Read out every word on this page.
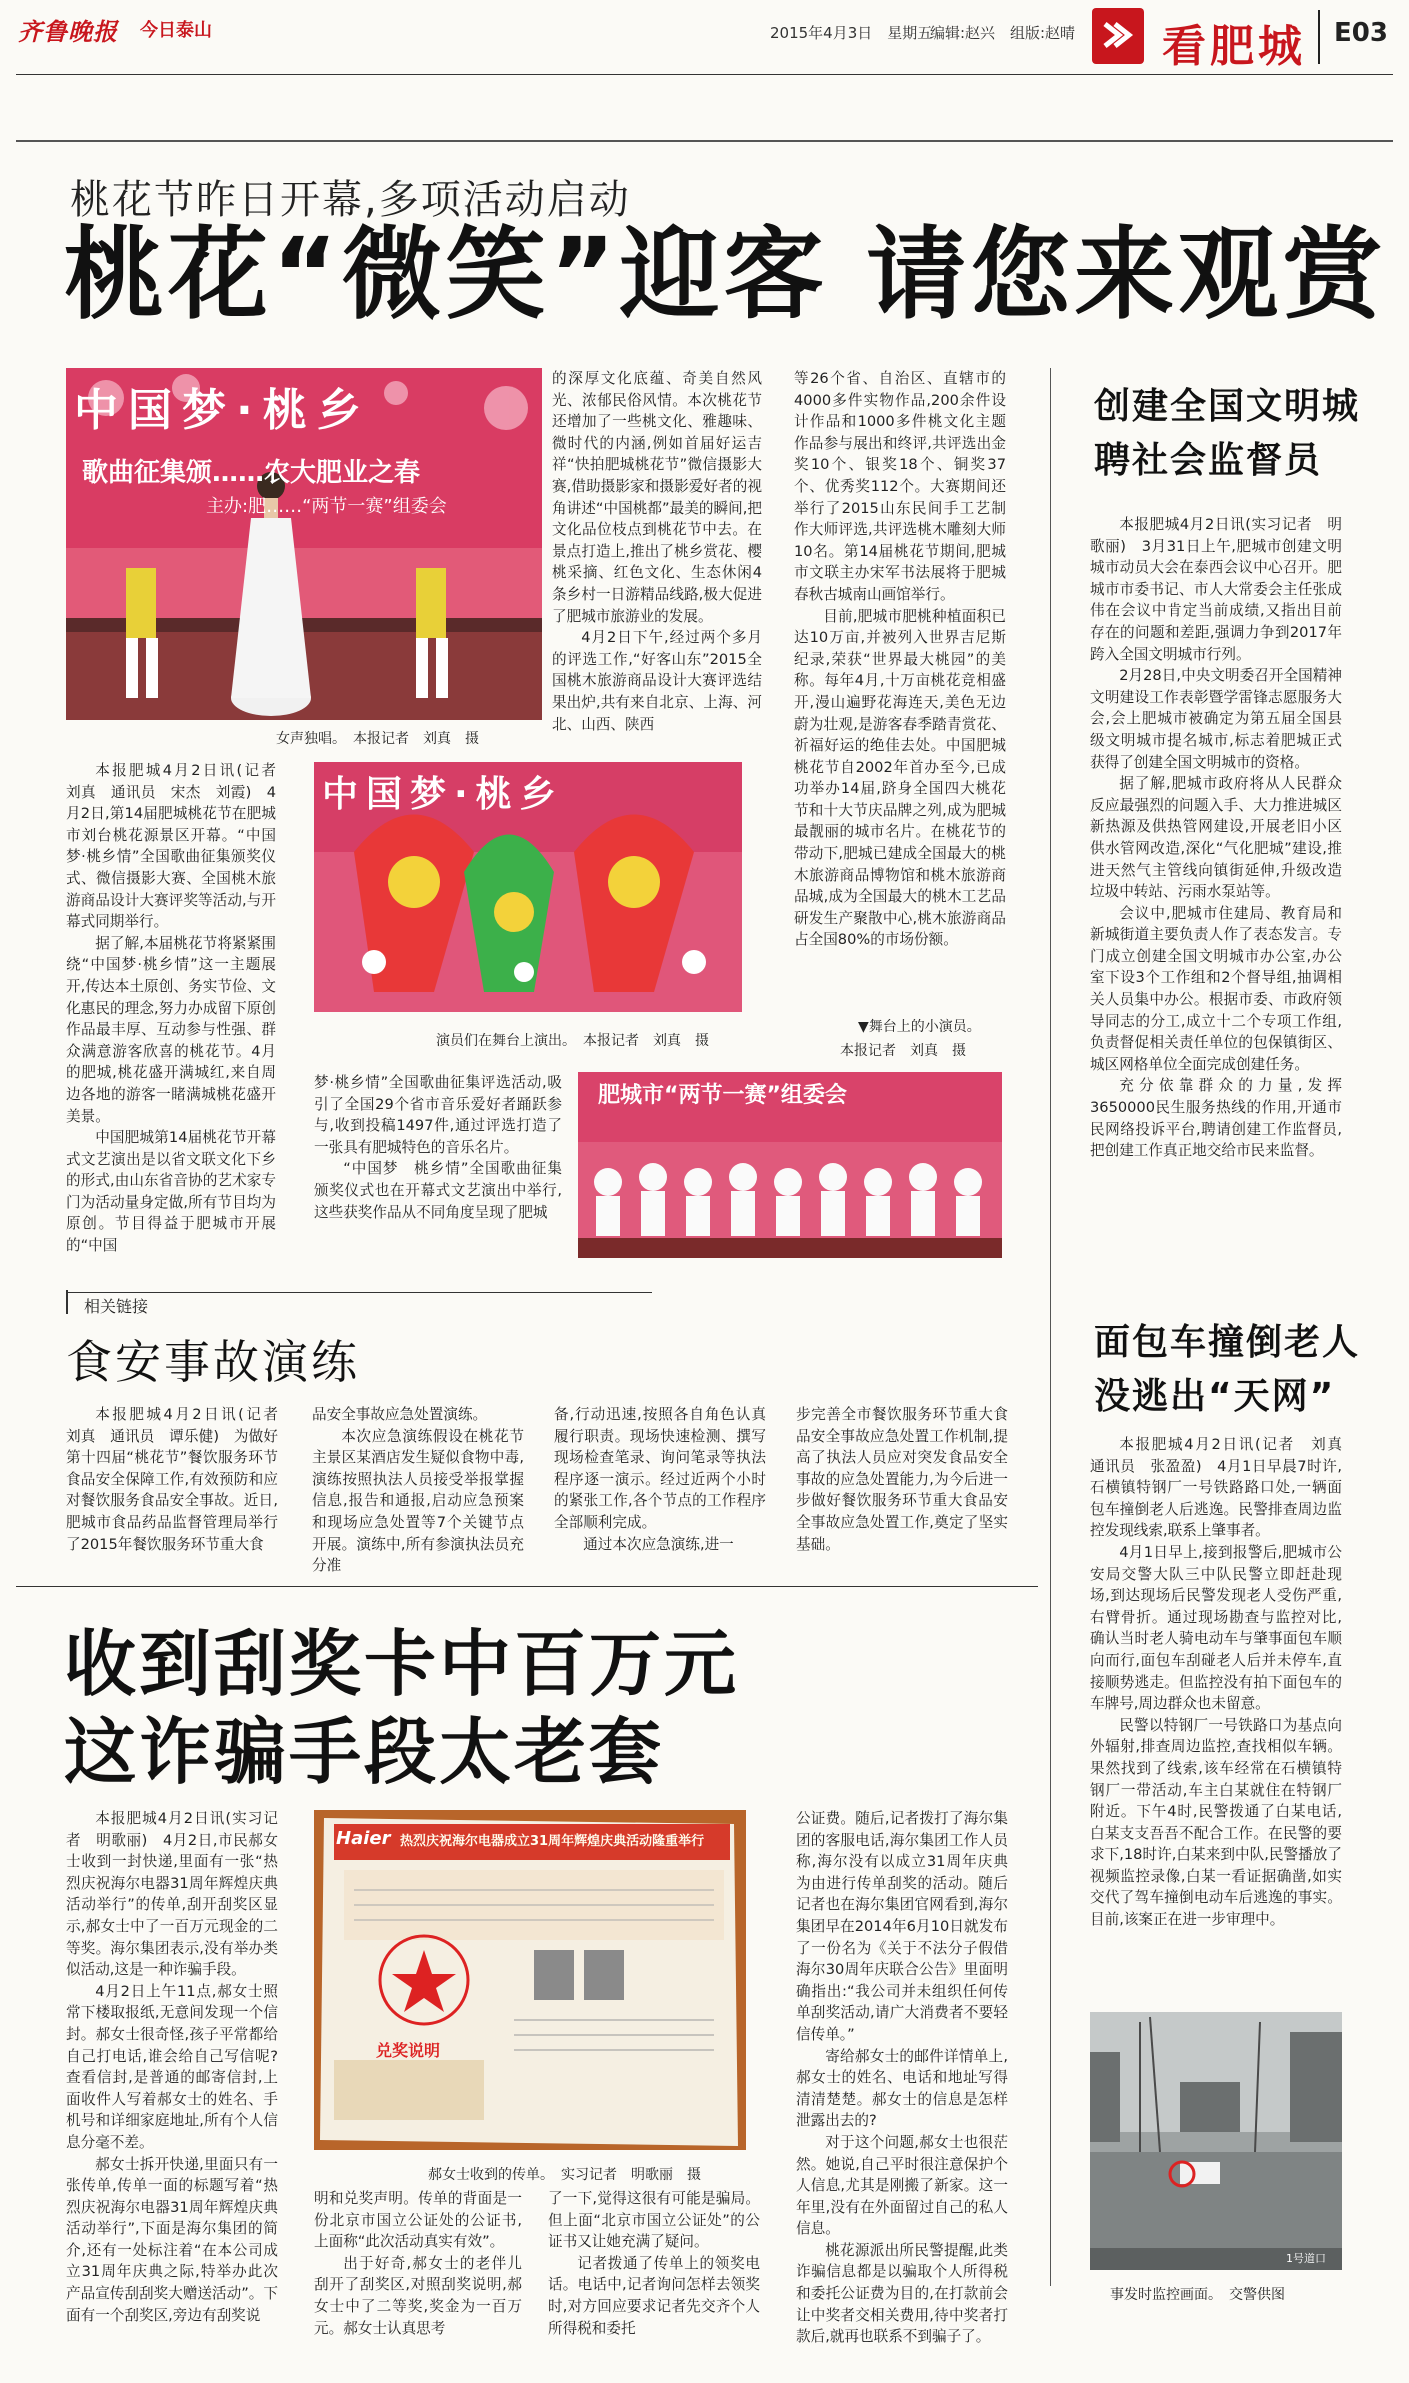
齐鲁晚报 今日泰山	2015年4月3日　星期五
编辑:赵兴 组版:赵晴 看肥城 E03
桃花节昨日开幕,多项活动启动
桃花“微笑”迎客 请您来观赏
中国梦·桃乡
歌曲征集颁……农大肥业之春
主办:肥……“两节一赛”组委会
女声独唱。　本报记者　刘真　摄
中国梦·桃乡
演员们在舞台上演出。　本报记者　刘真　摄
肥城市“两节一赛”组委会

本报肥城4月2日讯(记者　刘真　通讯员　宋杰　刘霞)　4月2日,第14届肥城桃花节在肥城市刘台桃花源景区开幕。“中国梦·桃乡情”全国歌曲征集颁奖仪式、微信摄影大赛、全国桃木旅游商品设计大赛评奖等活动,与开幕式同期举行。

据了解,本届桃花节将紧紧围绕“中国梦·桃乡情”这一主题展开,传达本土原创、务实节俭、文化惠民的理念,努力办成留下原创作品最丰厚、互动参与性强、群众满意游客欣喜的桃花节。4月的肥城,桃花盛开满城红,来自周边各地的游客一睹满城桃花盛开美景。

中国肥城第14届桃花节开幕式文艺演出是以省文联文化下乡的形式,由山东省音协的艺术家专门为活动量身定做,所有节目均为原创。节目得益于肥城市开展的“中国

梦·桃乡情”全国歌曲征集评选活动,吸引了全国29个省市音乐爱好者踊跃参与,收到投稿1497件,通过评选打造了一张具有肥城特色的音乐名片。

“中国梦　桃乡情”全国歌曲征集颁奖仪式也在开幕式文艺演出中举行,这些获奖作品从不同角度呈现了肥城

的深厚文化底蕴、奇美自然风光、浓郁民俗风情。本次桃花节还增加了一些桃文化、雅趣味、微时代的内涵,例如首届好运吉祥“快拍肥城桃花节”微信摄影大赛,借助摄影家和摄影爱好者的视角讲述“中国桃都”最美的瞬间,把文化品位枝点到桃花节中去。在景点打造上,推出了桃乡赏花、樱桃采摘、红色文化、生态休闲4条乡村一日游精品线路,极大促进了肥城市旅游业的发展。

4月2日下午,经过两个多月的评选工作,“好客山东”2015全国桃木旅游商品设计大赛评选结果出炉,共有来自北京、上海、河北、山西、陕西

等26个省、自治区、直辖市的4000多件实物作品,200余件设计作品和1000多件桃文化主题作品参与展出和终评,共评选出金奖10个、银奖18个、铜奖37个、优秀奖112个。大赛期间还举行了2015山东民间手工艺制作大师评选,共评选桃木雕刻大师10名。第14届桃花节期间,肥城市文联主办宋军书法展将于肥城春秋古城南山画馆举行。

目前,肥城市肥桃种植面积已达10万亩,并被列入世界吉尼斯纪录,荣获“世界最大桃园”的美称。每年4月,十万亩桃花竞相盛开,漫山遍野花海连天,美色无边蔚为壮观,是游客春季踏青赏花、祈福好运的绝佳去处。中国肥城桃花节自2002年首办至今,已成功举办14届,跻身全国四大桃花节和十大节庆品牌之列,成为肥城最靓丽的城市名片。在桃花节的带动下,肥城已建成全国最大的桃木旅游商品博物馆和桃木旅游商品城,成为全国最大的桃木工艺品研发生产聚散中心,桃木旅游商品占全国80%的市场份额。

▼舞台上的小演员。
本报记者　刘真　摄
创建全国文明城
聘社会监督员

本报肥城4月2日讯(实习记者　明歌丽)　3月31日上午,肥城市创建文明城市动员大会在泰西会议中心召开。肥城市市委书记、市人大常委会主任张成伟在会议中肯定当前成绩,又指出目前存在的问题和差距,强调力争到2017年跨入全国文明城市行列。

2月28日,中央文明委召开全国精神文明建设工作表彰暨学雷锋志愿服务大会,会上肥城市被确定为第五届全国县级文明城市提名城市,标志着肥城正式获得了创建全国文明城市的资格。

据了解,肥城市政府将从人民群众反应最强烈的问题入手、大力推进城区新热源及供热管网建设,开展老旧小区供水管网改造,深化“气化肥城”建设,推进天然气主管线向镇街延伸,升级改造垃圾中转站、污雨水泵站等。

会议中,肥城市住建局、教育局和新城街道主要负责人作了表态发言。专门成立创建全国文明城市办公室,办公室下设3个工作组和2个督导组,抽调相关人员集中办公。根据市委、市政府领导同志的分工,成立十二个专项工作组,负责督促相关责任单位的包保镇街区、城区网格单位全面完成创建任务。

充分依靠群众的力量,发挥3650000民生服务热线的作用,开通市民网络投诉平台,聘请创建工作监督员,把创建工作真正地交给市民来监督。

相关链接
食安事故演练

本报肥城4月2日讯(记者　刘真　通讯员　谭乐健)　为做好第十四届“桃花节”餐饮服务环节食品安全保障工作,有效预防和应对餐饮服务食品安全事故。近日,肥城市食品药品监督管理局举行了2015年餐饮服务环节重大食

品安全事故应急处置演练。

本次应急演练假设在桃花节主景区某酒店发生疑似食物中毒,演练按照执法人员接受举报掌握信息,报告和通报,启动应急预案和现场应急处置等7个关键节点开展。演练中,所有参演执法员充分准

备,行动迅速,按照各自角色认真履行职责。现场快速检测、撰写现场检查笔录、询问笔录等执法程序逐一演示。经过近两个小时的紧张工作,各个节点的工作程序全部顺利完成。

通过本次应急演练,进一

步完善全市餐饮服务环节重大食品安全事故应急处置工作机制,提高了执法人员应对突发食品安全事故的应急处置能力,为今后进一步做好餐饮服务环节重大食品安全事故应急处置工作,奠定了坚实基础。

面包车撞倒老人
没逃出“天网”

本报肥城4月2日讯(记者　刘真　通讯员　张盈盈)　4月1日早晨7时许,石横镇特钢厂一号铁路路口处,一辆面包车撞倒老人后逃逸。民警排查周边监控发现线索,联系上肇事者。

4月1日早上,接到报警后,肥城市公安局交警大队三中队民警立即赶赴现场,到达现场后民警发现老人受伤严重,右臂骨折。通过现场勘查与监控对比,确认当时老人骑电动车与肇事面包车顺向而行,面包车刮碰老人后并未停车,直接顺势逃走。但监控没有拍下面包车的车牌号,周边群众也未留意。

民警以特钢厂一号铁路口为基点向外辐射,排查周边监控,查找相似车辆。果然找到了线索,该车经常在石横镇特钢厂一带活动,车主白某就住在特钢厂附近。下午4时,民警拨通了白某电话,白某支支吾吾不配合工作。在民警的要求下,18时许,白某来到中队,民警播放了视频监控录像,白某一看证据确凿,如实交代了驾车撞倒电动车后逃逸的事实。目前,该案正在进一步审理中。

1号道口
事发时监控画面。　交警供图
收到刮奖卡中百万元
这诈骗手段太老套
Haier 热烈庆祝海尔电器成立31周年辉煌庆典活动隆重举行
兑奖说明
郝女士收到的传单。　实习记者　明歌丽　摄

本报肥城4月2日讯(实习记者　明歌丽)　4月2日,市民郝女士收到一封快递,里面有一张“热烈庆祝海尔电器31周年辉煌庆典活动举行”的传单,刮开刮奖区显示,郝女士中了一百万元现金的二等奖。海尔集团表示,没有举办类似活动,这是一种诈骗手段。

4月2日上午11点,郝女士照常下楼取报纸,无意间发现一个信封。郝女士很奇怪,孩子平常都给自己打电话,谁会给自己写信呢?查看信封,是普通的邮寄信封,上面收件人写着郝女士的姓名、手机号和详细家庭地址,所有个人信息分毫不差。

郝女士拆开快递,里面只有一张传单,传单一面的标题写着“热烈庆祝海尔电器31周年辉煌庆典活动举行”,下面是海尔集团的简介,还有一处标注着“在本公司成立31周年庆典之际,特举办此次产品宣传刮刮奖大赠送活动”。下面有一个刮奖区,旁边有刮奖说

明和兑奖声明。传单的背面是一份北京市国立公证处的公证书,上面称“此次活动真实有效”。

出于好奇,郝女士的老伴儿刮开了刮奖区,对照刮奖说明,郝女士中了二等奖,奖金为一百万元。郝女士认真思考

了一下,觉得这很有可能是骗局。但上面“北京市国立公证处”的公证书又让她充满了疑问。

记者拨通了传单上的领奖电话。电话中,记者询问怎样去领奖时,对方回应要求记者先交齐个人所得税和委托

公证费。随后,记者拨打了海尔集团的客服电话,海尔集团工作人员称,海尔没有以成立31周年庆典为由进行传单刮奖的活动。随后记者也在海尔集团官网看到,海尔集团早在2014年6月10日就发布了一份名为《关于不法分子假借海尔30周年庆联合公告》里面明确指出:“我公司并未组织任何传单刮奖活动,请广大消费者不要轻信传单。”

寄给郝女士的邮件详情单上,郝女士的姓名、电话和地址写得清清楚楚。郝女士的信息是怎样泄露出去的?

对于这个问题,郝女士也很茫然。她说,自己平时很注意保护个人信息,尤其是刚搬了新家。这一年里,没有在外面留过自己的私人信息。

桃花源派出所民警提醒,此类诈骗信息都是以骗取个人所得税和委托公证费为目的,在打款前会让中奖者交相关费用,待中奖者打款后,就再也联系不到骗子了。
